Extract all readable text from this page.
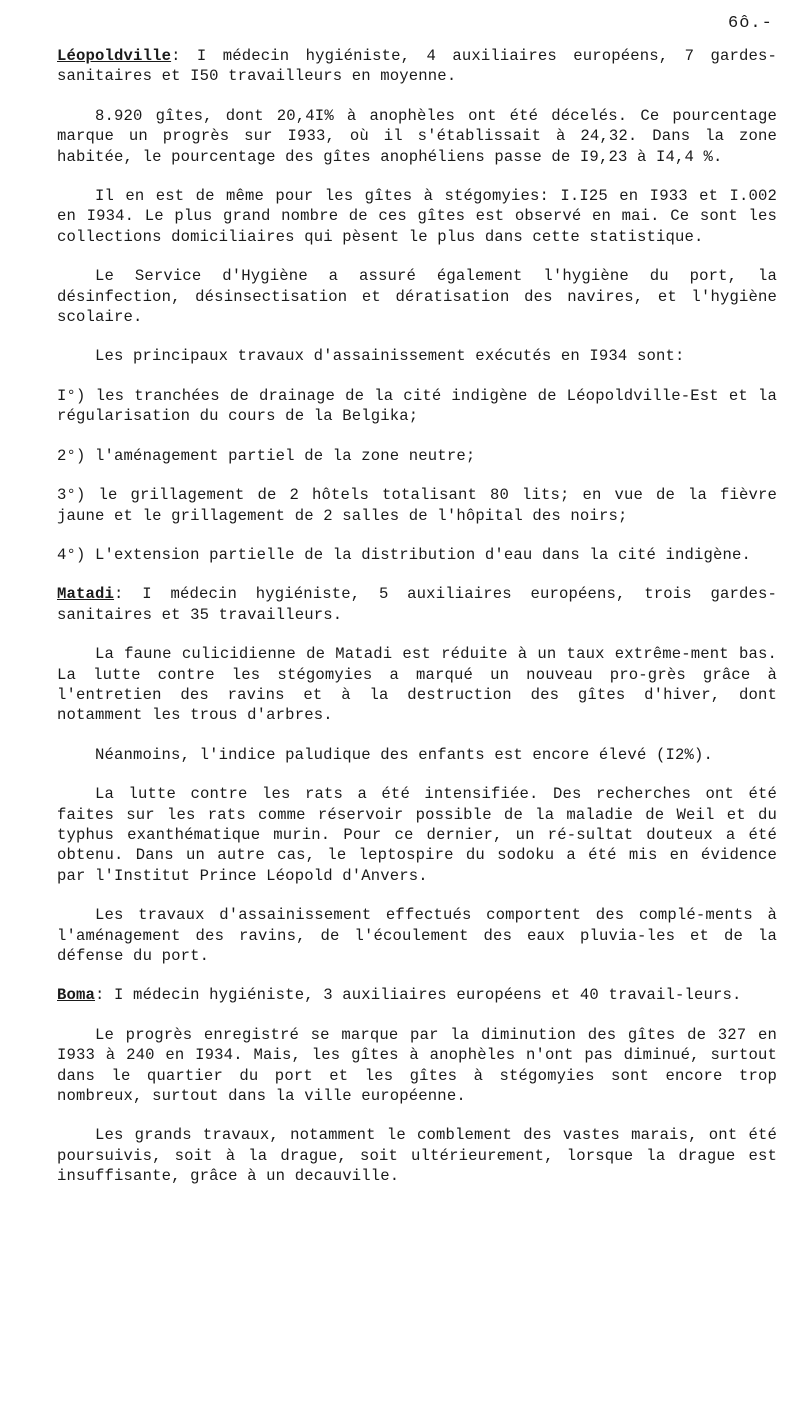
6ô.-

Léopoldville: I médecin hygiéniste, 4 auxiliaires européens, 7 gardes-sanitaires et I50 travailleurs en moyenne.

8.920 gîtes, dont 20,4I% à anophèles ont été décelés. Ce pourcentage marque un progrès sur I933, où il s'établissait à 24,32. Dans la zone habitée, le pourcentage des gîtes anophéliens passe de I9,23 à I4,4 %.

Il en est de même pour les gîtes à stégomyies: I.I25 en I933 et I.002 en I934. Le plus grand nombre de ces gîtes est observé en mai. Ce sont les collections domiciliaires qui pèsent le plus dans cette statistique.

Le Service d'Hygiène a assuré également l'hygiène du port, la désinfection, désinsectisation et dératisation des navires, et l'hygiène scolaire.

Les principaux travaux d'assainissement exécutés en I934 sont:

I°) les tranchées de drainage de la cité indigène de Léopoldville-Est et la régularisation du cours de la Belgika;

2°) l'aménagement partiel de la zone neutre;

3°) le grillagement de 2 hôtels totalisant 80 lits; en vue de la fièvre jaune et le grillagement de 2 salles de l'hôpital des noirs;

4°) L'extension partielle de la distribution d'eau dans la cité indigène.

Matadi: I médecin hygiéniste, 5 auxiliaires européens, trois gardes-sanitaires et 35 travailleurs.

La faune culicidienne de Matadi est réduite à un taux extrême-ment bas. La lutte contre les stégomyies a marqué un nouveau pro-grès grâce à l'entretien des ravins et à la destruction des gîtes d'hiver, dont notamment les trous d'arbres.

Néanmoins, l'indice paludique des enfants est encore élevé (I2%).

La lutte contre les rats a été intensifiée. Des recherches ont été faites sur les rats comme réservoir possible de la maladie de Weil et du typhus exanthématique murin. Pour ce dernier, un ré-sultat douteux a été obtenu. Dans un autre cas, le leptospire du sodoku a été mis en évidence par l'Institut Prince Léopold d'Anvers.

Les travaux d'assainissement effectués comportent des complé-ments à l'aménagement des ravins, de l'écoulement des eaux pluvia-les et de la défense du port.

Boma: I médecin hygiéniste, 3 auxiliaires européens et 40 travail-leurs.

Le progrès enregistré se marque par la diminution des gîtes de 327 en I933 à 240 en I934. Mais, les gîtes à anophèles n'ont pas diminué, surtout dans le quartier du port et les gîtes à stégomyies sont encore trop nombreux, surtout dans la ville européenne.

Les grands travaux, notamment le comblement des vastes marais, ont été poursuivis, soit à la drague, soit ultérieurement, lorsque la drague est insuffisante, grâce à un decauville.
